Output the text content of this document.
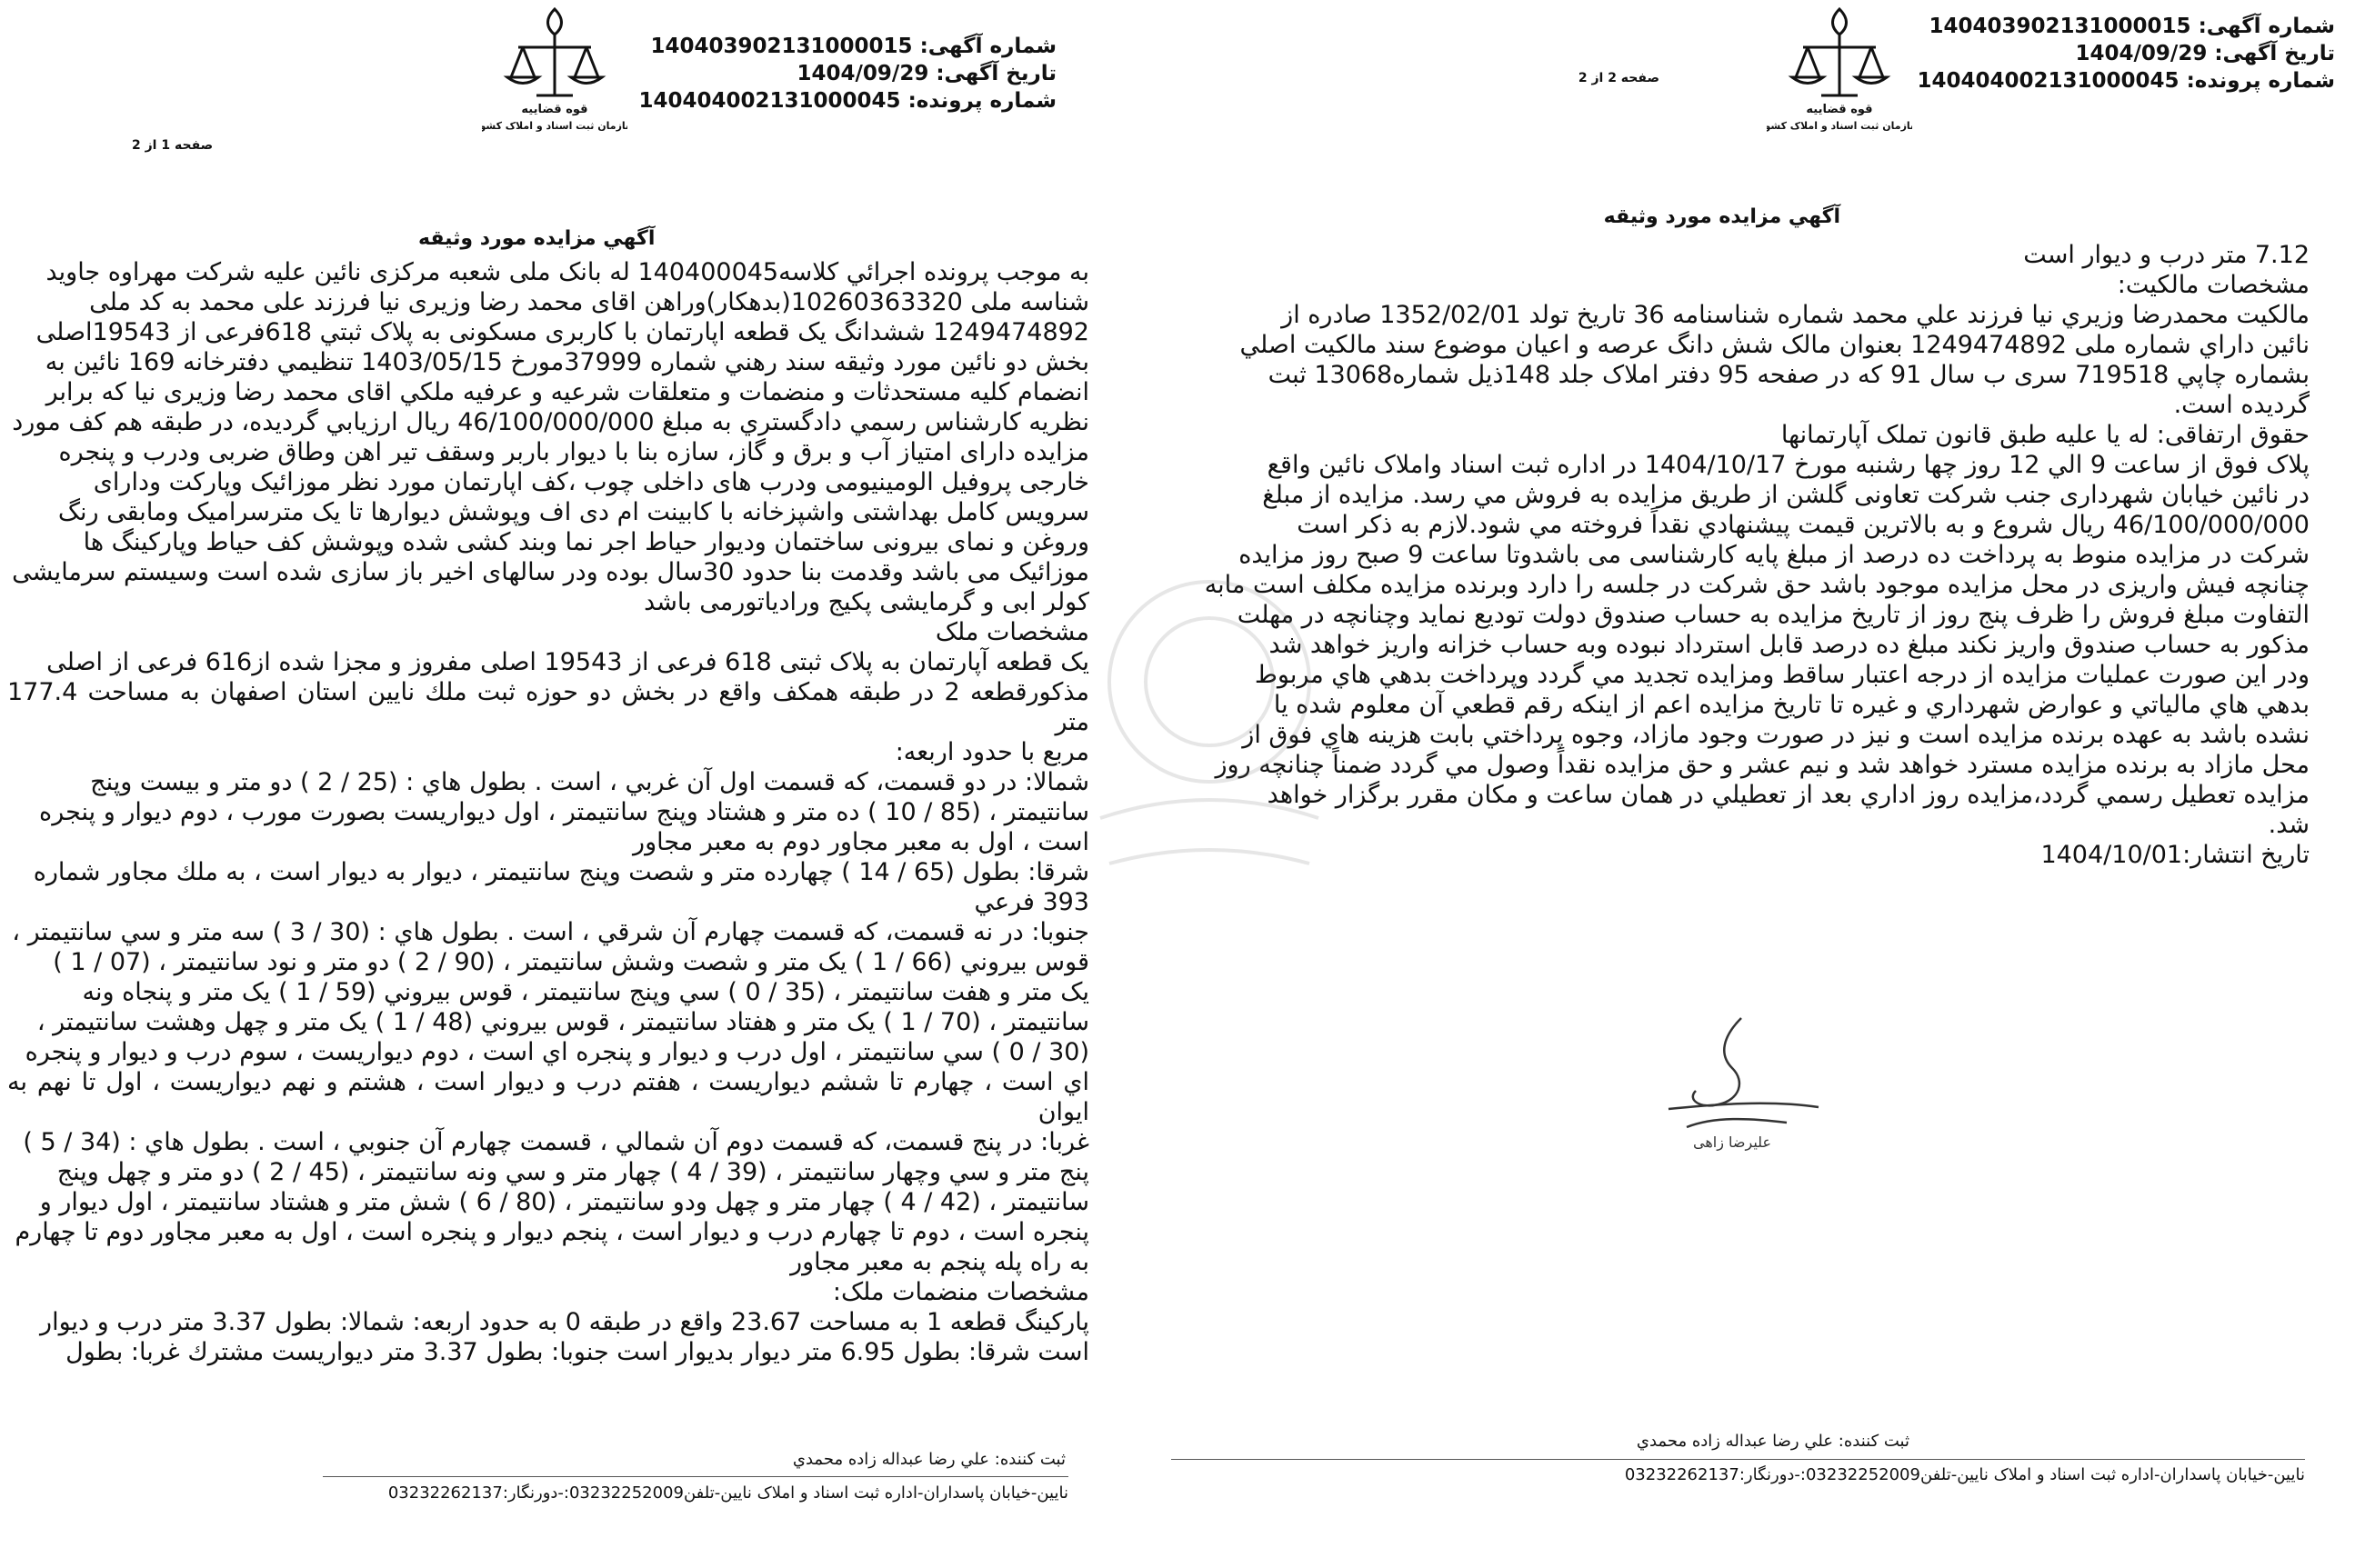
شماره آگهی: 140403902131000015
تاریخ آگهی: 1404/09/29
شماره پرونده: 140404002131000045
قوه قضاییه
سازمان ثبت اسناد و املاک کشور
صفحه 2 از 2
آگهي مزايده مورد وثيقه

7.12 متر درب و ديوار است

مشخصات مالکیت:

مالكيت محمدرضا وزيري نيا فرزند علي محمد شماره شناسنامه 36 تاريخ تولد 1352/02/01 صادره از

نائين داراي شماره ملی 1249474892 بعنوان مالک شش دانگ عرصه و اعيان موضوع سند مالکيت اصلي

بشماره چاپي 719518 سری ب سال 91 که در صفحه 95 دفتر املاک جلد 148ذیل شماره13068 ثبت

گرديده است.

حقوق ارتفاقی: له یا علیه طبق قانون تملک آپارتمانها

پلاک فوق از ساعت 9 الي 12 روز چها رشنبه مورخ 1404/10/17 در اداره ثبت اسناد واملاک نائين واقع

در نائين خیابان شهرداری جنب شرکت تعاونی گلشن از طريق مزايده به فروش مي رسد. مزايده از مبلغ

46/100/000/000 ريال شروع و به بالاترين قيمت پيشنهادي نقداً فروخته مي شود.لازم به ذکر است

شرکت در مزایده منوط به پرداخت ده درصد از مبلغ پایه کارشناسی می باشدوتا ساعت 9 صبح روز مزایده

چنانچه فيش واريزی در محل مزايده موجود باشد حق شرکت در جلسه را دارد وبرنده مزايده مکلف است مابه

التفاوت مبلغ فروش را ظرف پنج روز از تاريخ مزايده به حساب صندوق دولت توديع نمايد وچنانچه در مهلت

مذکور به حساب صندوق واريز نکند مبلغ ده درصد قابل استرداد نبوده وبه حساب خزانه واريز خواهد شد

ودر اين صورت عمليات مزايده از درجه اعتبار ساقط ومزايده تجديد مي گردد وپرداخت بدهي هاي مربوط

بدهي هاي مالياتي و عوارض شهرداري و غيره تا تاريخ مزايده اعم از اينکه رقم قطعي آن معلوم شده يا

نشده باشد به عهده برنده مزايده است و نيز در صورت وجود مازاد، وجوه پرداختي بابت هزينه هاي فوق از

محل مازاد به برنده مزايده مسترد خواهد شد و نيم عشر و حق مزايده نقداً وصول مي گردد ضمناً چنانچه روز

مزايده تعطيل رسمي گردد،مزايده روز اداري بعد از تعطيلي در همان ساعت و مکان مقرر برگزار خواهد

شد.

تاريخ انتشار:1404/10/01

علیرضا زاهی
ثبت کننده: علي رضا عبداله زاده محمدي
نایین-خیابان پاسداران-اداره ثبت اسناد و املاک نایین-تلفن03232252009:-دورنگار:03232262137
شماره آگهی: 140403902131000015
تاریخ آگهی: 1404/09/29
شماره پرونده: 140404002131000045
قوه قضاییه
سازمان ثبت اسناد و املاک کشور
صفحه 1 از 2
آگهي مزايده مورد وثيقه

به موجب پرونده اجرائي کلاسه140400045 له بانک ملی شعبه مرکزی نائین علیه شرکت مهراوه جاوید

شناسه ملی 10260363320(بدهکار)وراهن اقای محمد رضا وزیری نیا فرزند علی محمد به کد ملی

1249474892 ششدانگ یک قطعه اپارتمان با کاربری مسکونی به پلاک ثبتي 618فرعی از 19543اصلی

بخش دو نائین مورد وثيقه سند رهني شماره 37999مورخ 1403/05/15 تنظيمي دفترخانه 169 نائین به

انضمام کلیه مستحدثات و منضمات و متعلقات شرعیه و عرفیه ملکي اقای محمد رضا وزیری نیا که برابر

نظريه کارشناس رسمي دادگستري به مبلغ 46/100/000/000 ريال ارزيابي گرديده، در طبقه هم کف مورد

مزایده دارای امتیاز آب و برق و گاز، سازه بنا با دیوار باربر وسقف تیر اهن وطاق ضربی ودرب و پنجره

خارجی پروفیل الومینیومی ودرب های داخلی چوب ،کف اپارتمان مورد نظر موزائیک وپارکت ودارای

سرویس کامل بهداشتی واشپزخانه با کابینت ام دی اف وپوشش دیوارها تا یک مترسرامیک ومابقی رنگ

وروغن و نمای بیرونی ساختمان ودیوار حیاط اجر نما وبند کشی شده وپوشش کف حیاط وپارکینگ ها

موزائیک می باشد وقدمت بنا حدود 30سال بوده ودر سالهای اخیر باز سازی شده است وسیستم سرمایشی

کولر ابی و گرمایشی پکیج ورادیاتورمی باشد

مشخصات ملک

يک قطعه آپارتمان به پلاک ثبتی 618 فرعی از 19543 اصلی مفروز و مجزا شده از616 فرعی از اصلی

مذکورقطعه 2 در طبقه همکف واقع در بخش دو حوزه ثبت ملك نايين استان اصفهان به مساحت 177.4 متر

مربع با حدود اربعه:

شمالا: در دو قسمت، كه قسمت اول آن غربي ، است . بطول هاي : (25 / 2 ) دو متر و بيست وپنج

سانتيمتر ، (85 / 10 ) ده متر و هشتاد وپنج سانتيمتر ، اول ديواريست بصورت مورب ، دوم ديوار و پنجره

است ، اول به معبر مجاور دوم به معبر مجاور

شرقا: بطول (65 / 14 ) چهارده متر و شصت وپنج سانتيمتر ، ديوار به ديوار است ، به ملك مجاور شماره

393 فرعي

جنوبا: در نه قسمت، كه قسمت چهارم آن شرقي ، است . بطول هاي : (30 / 3 ) سه متر و سي سانتيمتر ،

قوس بيروني (66 / 1 ) يک متر و شصت وشش سانتيمتر ، (90 / 2 ) دو متر و نود سانتيمتر ، (07 / 1 )

يک متر و هفت سانتيمتر ، (35 / 0 ) سي وپنج سانتيمتر ، قوس بيروني (59 / 1 ) يک متر و پنجاه ونه

سانتيمتر ، (70 / 1 ) يک متر و هفتاد سانتيمتر ، قوس بيروني (48 / 1 ) يک متر و چهل وهشت سانتيمتر ،

(30 / 0 ) سي سانتيمتر ، اول درب و ديوار و پنجره اي است ، دوم ديواريست ، سوم درب و ديوار و پنجره

اي است ، چهارم تا ششم ديواريست ، هفتم درب و ديوار است ، هشتم و نهم ديواريست ، اول تا نهم به ايوان

غربا: در پنج قسمت، كه قسمت دوم آن شمالي ، قسمت چهارم آن جنوبي ، است . بطول هاي : (34 / 5 )

پنج متر و سي وچهار سانتيمتر ، (39 / 4 ) چهار متر و سي ونه سانتيمتر ، (45 / 2 ) دو متر و چهل وپنج

سانتيمتر ، (42 / 4 ) چهار متر و چهل ودو سانتيمتر ، (80 / 6 ) شش متر و هشتاد سانتيمتر ، اول ديوار و

پنجره است ، دوم تا چهارم درب و ديوار است ، پنجم ديوار و پنجره است ، اول به معبر مجاور دوم تا چهارم

به راه پله پنجم به معبر مجاور

مشخصات منضمات ملک:

پارکینگ قطعه 1 به مساحت 23.67 واقع در طبقه 0 به حدود اربعه: شمالا: بطول 3.37 متر درب و ديوار

است شرقا: بطول 6.95 متر ديوار بديوار است جنوبا: بطول 3.37 متر ديواريست مشترك غربا: بطول

ثبت کننده: علي رضا عبداله زاده محمدي
نایین-خیابان پاسداران-اداره ثبت اسناد و املاک نایین-تلفن03232252009:-دورنگار:03232262137
